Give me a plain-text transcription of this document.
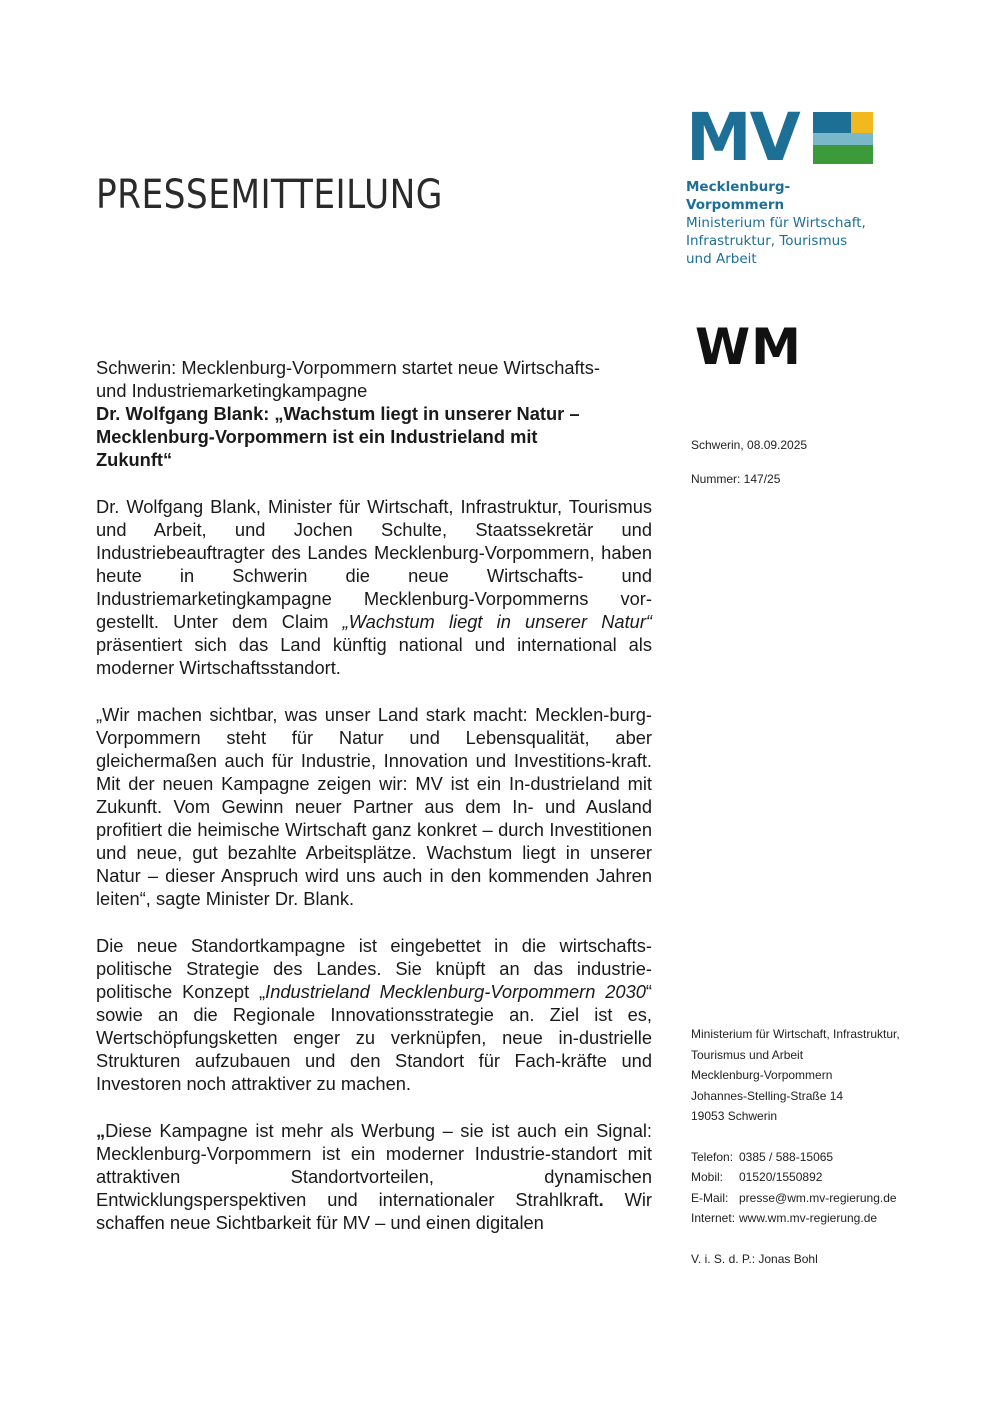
PRESSEMITTEILUNG
MV
Mecklenburg-Vorpommern
Ministerium für Wirtschaft,
Infrastruktur, Tourismus
und Arbeit
WM
Schwerin, 08.09.2025
Nummer: 147/25
Schwerin: Mecklenburg-Vorpommern startet neue Wirtschafts-
und Industriemarketingkampagne
Dr. Wolfgang Blank: „Wachstum liegt in unserer Natur –
Mecklenburg-Vorpommern ist ein Industrieland mit
Zukunft“

Dr. Wolfgang Blank, Minister für Wirtschaft, Infrastruktur, Tourismus und Arbeit, und Jochen Schulte, Staatssekretär und Industriebeauftragter des Landes Mecklenburg-Vorpommern, haben heute in Schwerin die neue Wirtschafts- und Industriemarketingkampagne Mecklenburg-Vorpommerns vor-gestellt. Unter dem Claim „Wachstum liegt in unserer Natur“ präsentiert sich das Land künftig national und international als moderner Wirtschaftsstandort.

„Wir machen sichtbar, was unser Land stark macht: Mecklen-burg-Vorpommern steht für Natur und Lebensqualität, aber gleichermaßen auch für Industrie, Innovation und Investitions-kraft. Mit der neuen Kampagne zeigen wir: MV ist ein In-dustrieland mit Zukunft. Vom Gewinn neuer Partner aus dem In- und Ausland profitiert die heimische Wirtschaft ganz konkret – durch Investitionen und neue, gut bezahlte Arbeitsplätze. Wachstum liegt in unserer Natur – dieser Anspruch wird uns auch in den kommenden Jahren leiten“, sagte Minister Dr. Blank.

Die neue Standortkampagne ist eingebettet in die wirtschafts-politische Strategie des Landes. Sie knüpft an das industrie-politische Konzept „Industrieland Mecklenburg-Vorpommern 2030“ sowie an die Regionale Innovationsstrategie an. Ziel ist es, Wertschöpfungsketten enger zu verknüpfen, neue in-dustrielle Strukturen aufzubauen und den Standort für Fach-kräfte und Investoren noch attraktiver zu machen.

„Diese Kampagne ist mehr als Werbung – sie ist auch ein Signal: Mecklenburg-Vorpommern ist ein moderner Industrie-standort mit attraktiven Standortvorteilen, dynamischen Entwicklungsperspektiven und internationaler Strahlkraft. Wir schaffen neue Sichtbarkeit für MV – und einen digitalen

Ministerium für Wirtschaft, Infrastruktur,
Tourismus und Arbeit
Mecklenburg-Vorpommern
Johannes-Stelling-Straße 14
19053 Schwerin
Telefon: 0385 / 588-15065
Mobil:	01520/1550892
E-Mail: presse@wm.mv-regierung.de
Internet: www.wm.mv-regierung.de
V. i. S. d. P.: Jonas Bohl
